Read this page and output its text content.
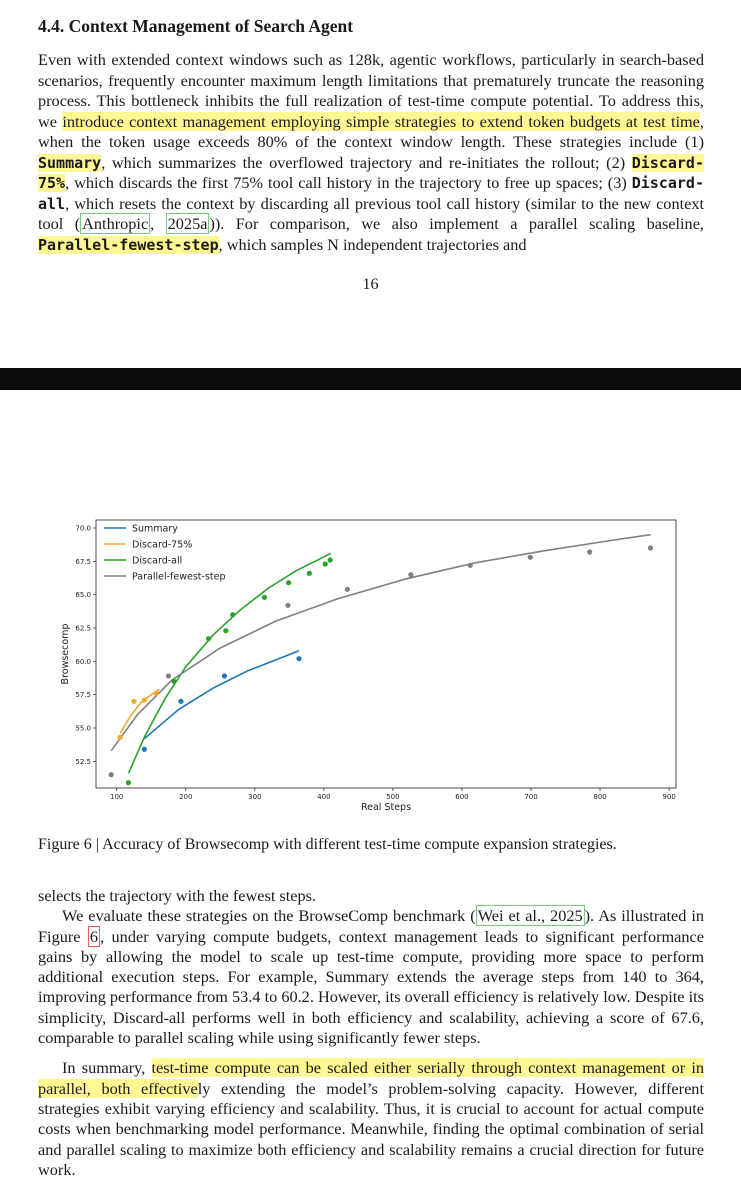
4.4. Context Management of Search Agent

Even with extended context windows such as 128k, agentic workflows, particularly in search-based scenarios, frequently encounter maximum length limitations that prematurely truncate the reasoning process. This bottleneck inhibits the full realization of test-time compute potential. To address this, we introduce context management employing simple strategies to extend token budgets at test time, when the token usage exceeds 80% of the context window length. These strategies include (1) Summary, which summarizes the overflowed trajectory and re-initiates the rollout; (2) Discard-75%, which discards the first 75% tool call history in the trajectory to free up spaces; (3) Discard-all, which resets the context by discarding all previous tool call history (similar to the new context tool ( Anthropic , 2025a )). For comparison, we also implement a parallel scaling baseline, Parallel-fewest-step, which samples N independent trajectories and

16
100	200	300	400	500	600	700	800	900
52.5
55.0
57.5
60.0
62.5
65.0
67.5
70.0
Real Steps
Browsecomp
Summary
Discard-75%
Discard-all
Parallel-fewest-step

Figure 6 | Accuracy of Browsecomp with different test-time compute expansion strategies.

selects the trajectory with the fewest steps.

We evaluate these strategies on the BrowseComp benchmark ( Wei et al., 2025 ). As illustrated in Figure 6 , under varying compute budgets, context management leads to significant performance gains by allowing the model to scale up test-time compute, providing more space to perform additional execution steps. For example, Summary extends the average steps from 140 to 364, improving performance from 53.4 to 60.2. However, its overall efficiency is relatively low. Despite its simplicity, Discard-all performs well in both efficiency and scalability, achieving a score of 67.6, comparable to parallel scaling while using significantly fewer steps.

In summary, test-time compute can be scaled either serially through context management or in parallel, both effectively extending the model’s problem-solving capacity. However, different strategies exhibit varying efficiency and scalability. Thus, it is crucial to account for actual compute costs when benchmarking model performance. Meanwhile, finding the optimal combination of serial and parallel scaling to maximize both efficiency and scalability remains a crucial direction for future work.
